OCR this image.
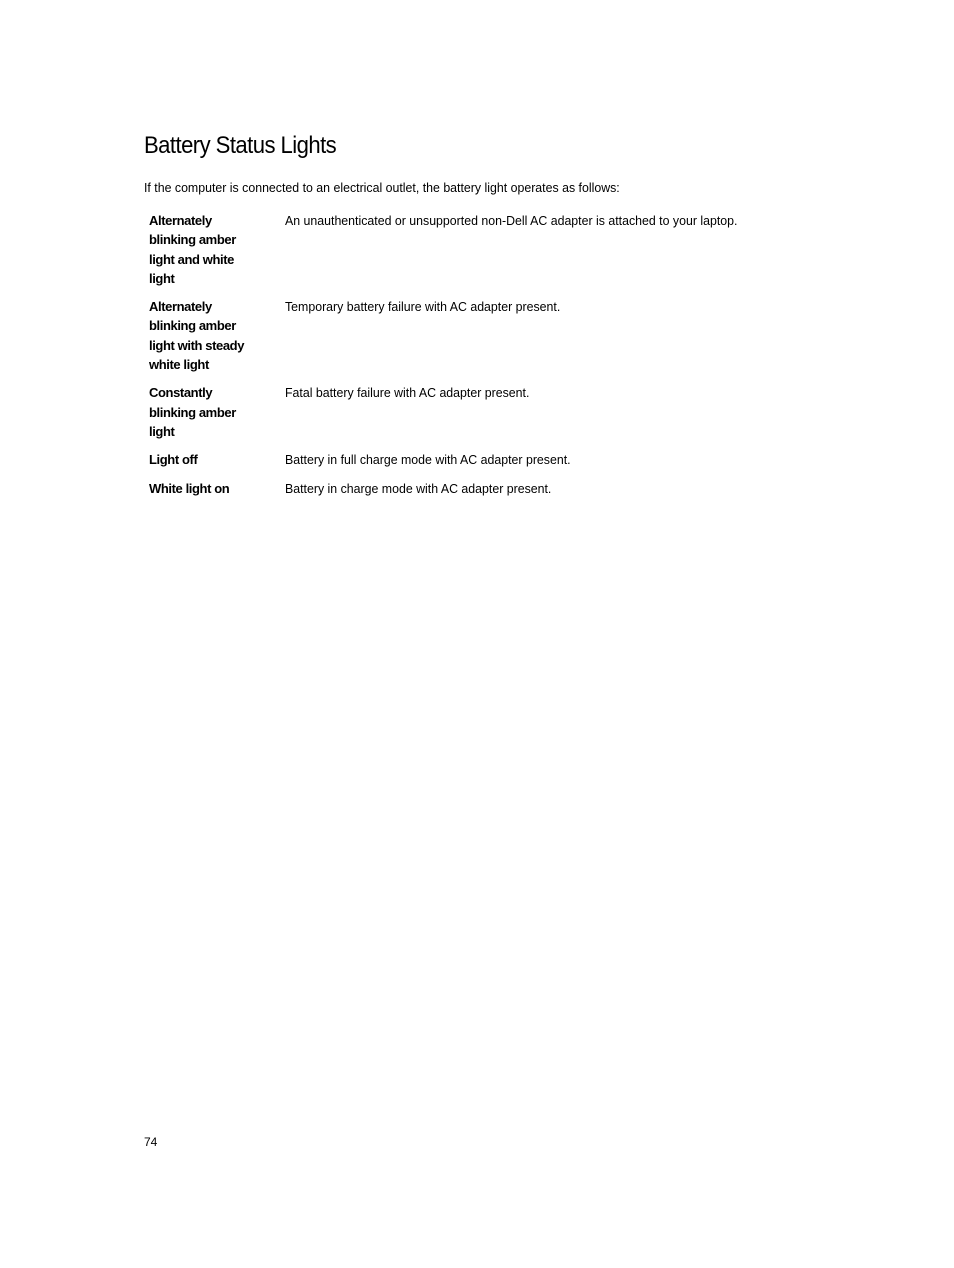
Battery Status Lights

If the computer is connected to an electrical outlet, the battery light operates as follows:

Alternately blinking amber light and white light	An unauthenticated or unsupported non-Dell AC adapter is attached to your laptop.

Alternately blinking amber light with steady white light	Temporary battery failure with AC adapter present.

Constantly blinking amber light	Fatal battery failure with AC adapter present.

Light off	Battery in full charge mode with AC adapter present.

White light on	Battery in charge mode with AC adapter present.
74
